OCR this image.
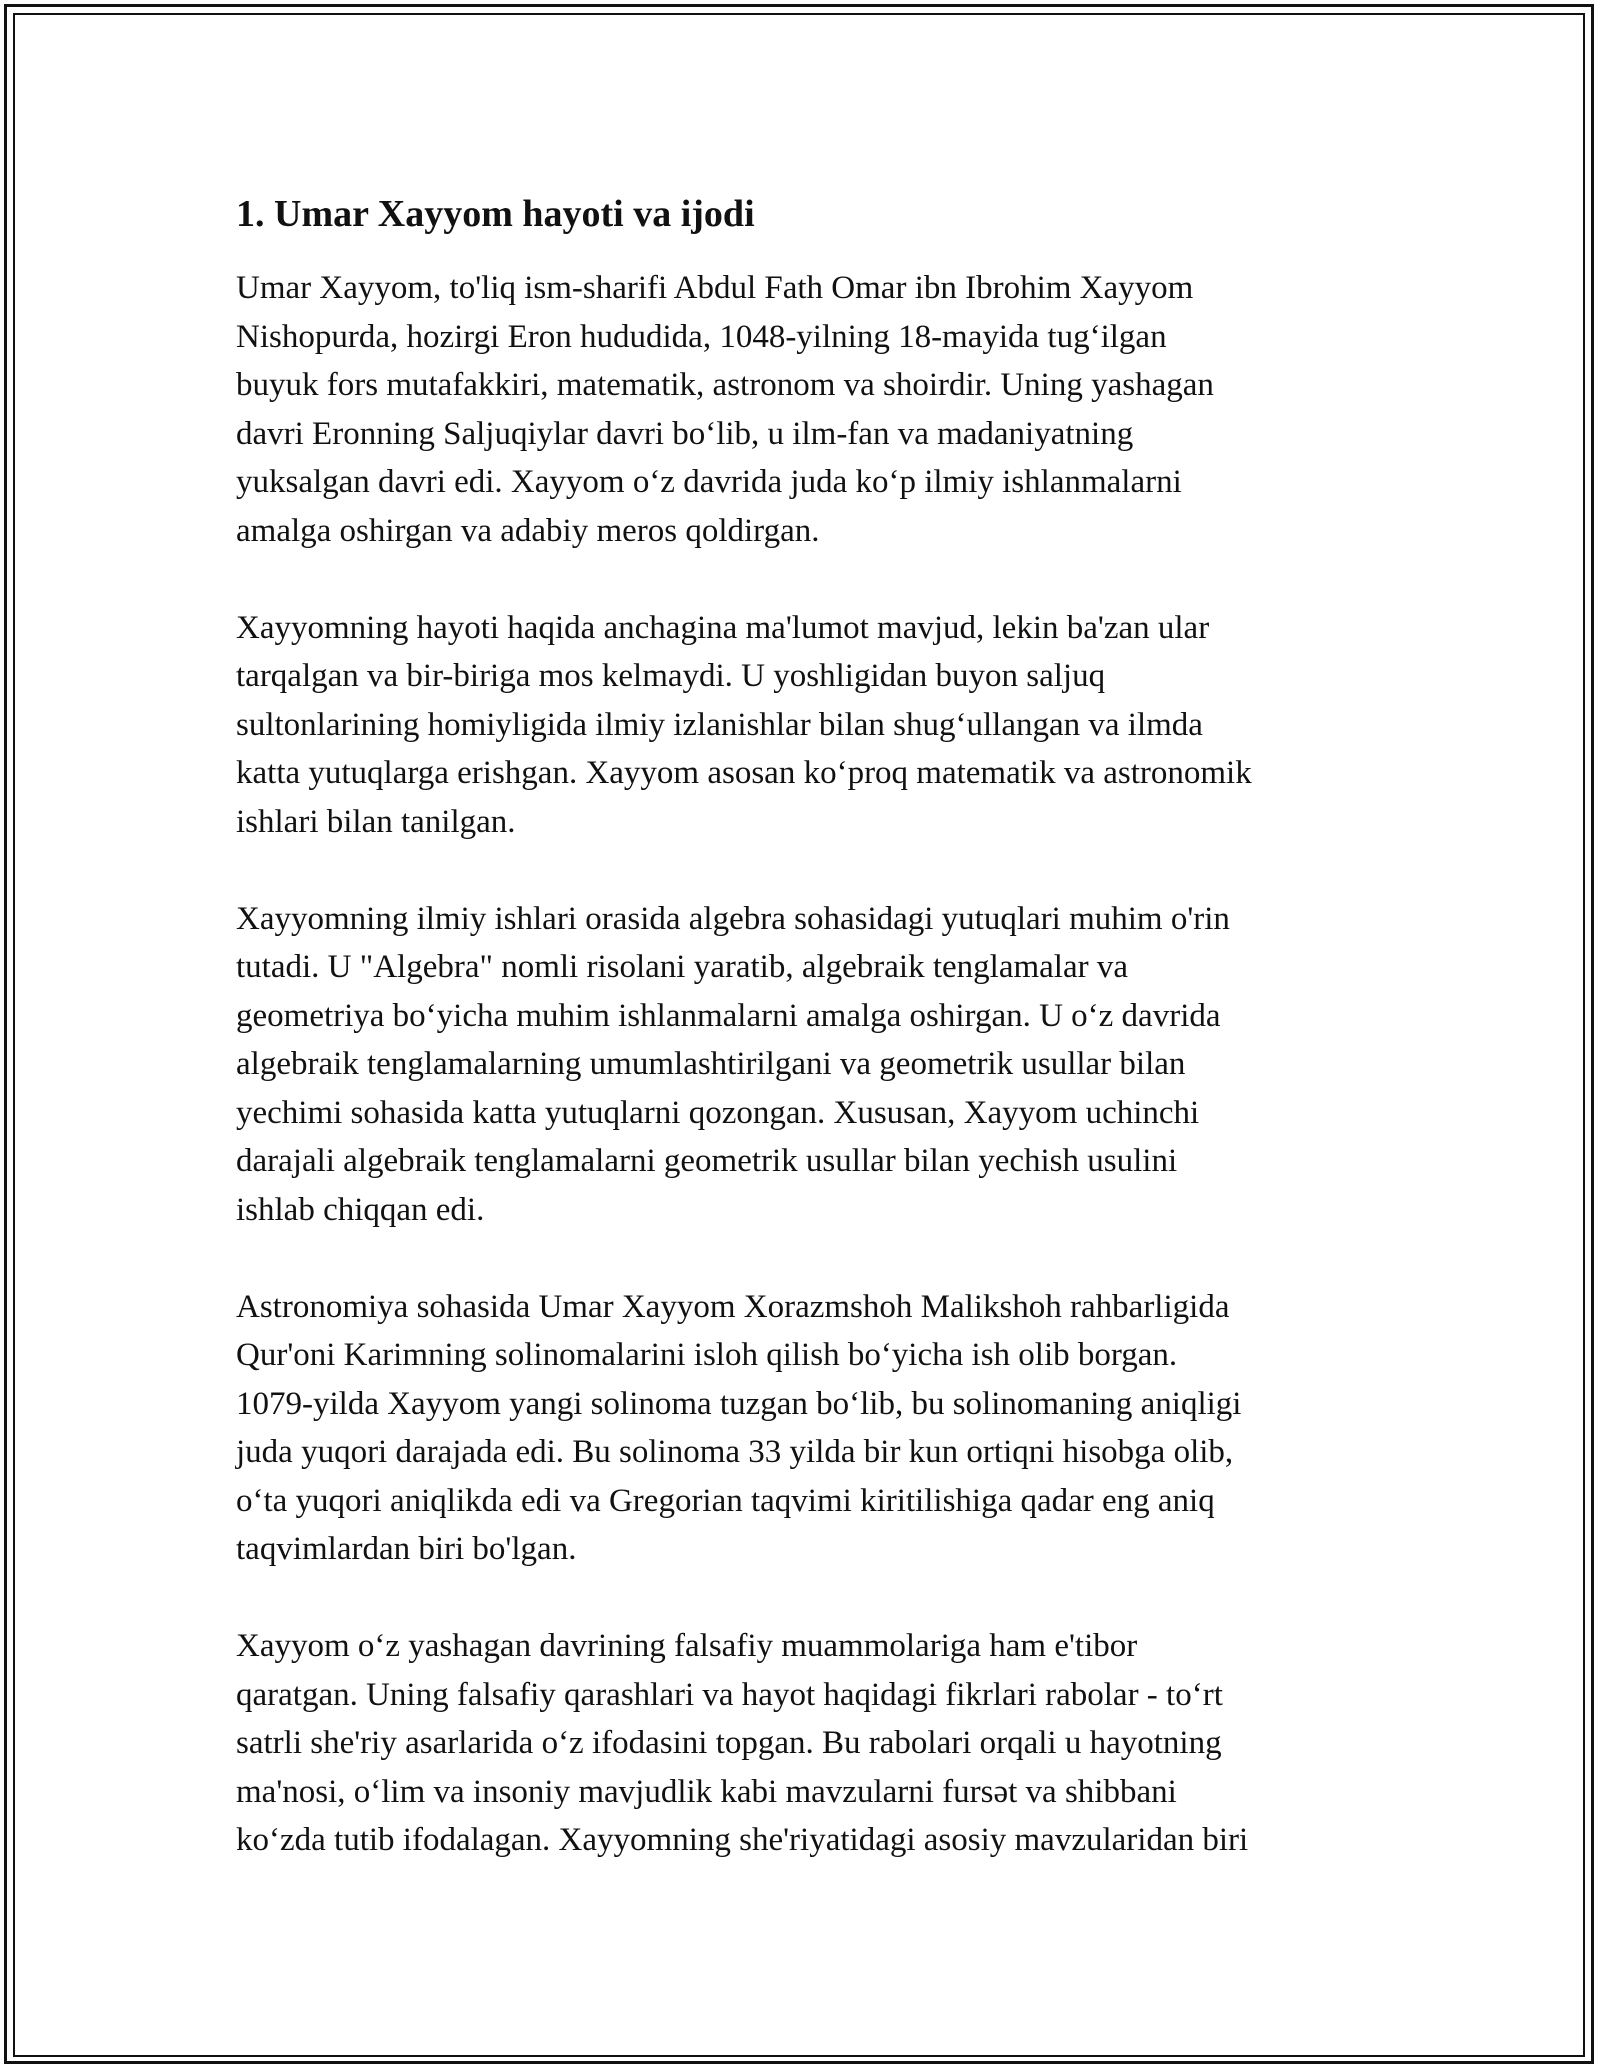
1. Umar Xayyom hayoti va ijodi

Umar Xayyom, to'liq ism-sharifi Abdul Fath Omar ibn Ibrohim Xayyom
Nishopurda, hozirgi Eron hududida, 1048-yilning 18-mayida tug‘ilgan
buyuk fors mutafakkiri, matematik, astronom va shoirdir. Uning yashagan
davri Eronning Saljuqiylar davri bo‘lib, u ilm-fan va madaniyatning
yuksalgan davri edi. Xayyom o‘z davrida juda ko‘p ilmiy ishlanmalarni
amalga oshirgan va adabiy meros qoldirgan.

Xayyomning hayoti haqida anchagina ma'lumot mavjud, lekin ba'zan ular
tarqalgan va bir-biriga mos kelmaydi. U yoshligidan buyon saljuq
sultonlarining homiyligida ilmiy izlanishlar bilan shug‘ullangan va ilmda
katta yutuqlarga erishgan. Xayyom asosan ko‘proq matematik va astronomik
ishlari bilan tanilgan.

Xayyomning ilmiy ishlari orasida algebra sohasidagi yutuqlari muhim o'rin
tutadi. U "Algebra" nomli risolani yaratib, algebraik tenglamalar va
geometriya bo‘yicha muhim ishlanmalarni amalga oshirgan. U o‘z davrida
algebraik tenglamalarning umumlashtirilgani va geometrik usullar bilan
yechimi sohasida katta yutuqlarni qozongan. Xususan, Xayyom uchinchi
darajali algebraik tenglamalarni geometrik usullar bilan yechish usulini
ishlab chiqqan edi.

Astronomiya sohasida Umar Xayyom Xorazmshoh Malikshoh rahbarligida
Qur'oni Karimning solinomalarini isloh qilish bo‘yicha ish olib borgan.
1079-yilda Xayyom yangi solinoma tuzgan bo‘lib, bu solinomaning aniqligi
juda yuqori darajada edi. Bu solinoma 33 yilda bir kun ortiqni hisobga olib,
o‘ta yuqori aniqlikda edi va Gregorian taqvimi kiritilishiga qadar eng aniq
taqvimlardan biri bo'lgan.

Xayyom o‘z yashagan davrining falsafiy muammolariga ham e'tibor
qaratgan. Uning falsafiy qarashlari va hayot haqidagi fikrlari rabolar - to‘rt
satrli she'riy asarlarida o‘z ifodasini topgan. Bu rabolari orqali u hayotning
ma'nosi, o‘lim va insoniy mavjudlik kabi mavzularni fursət va shibbani
ko‘zda tutib ifodalagan. Xayyomning she'riyatidagi asosiy mavzularidan biri
